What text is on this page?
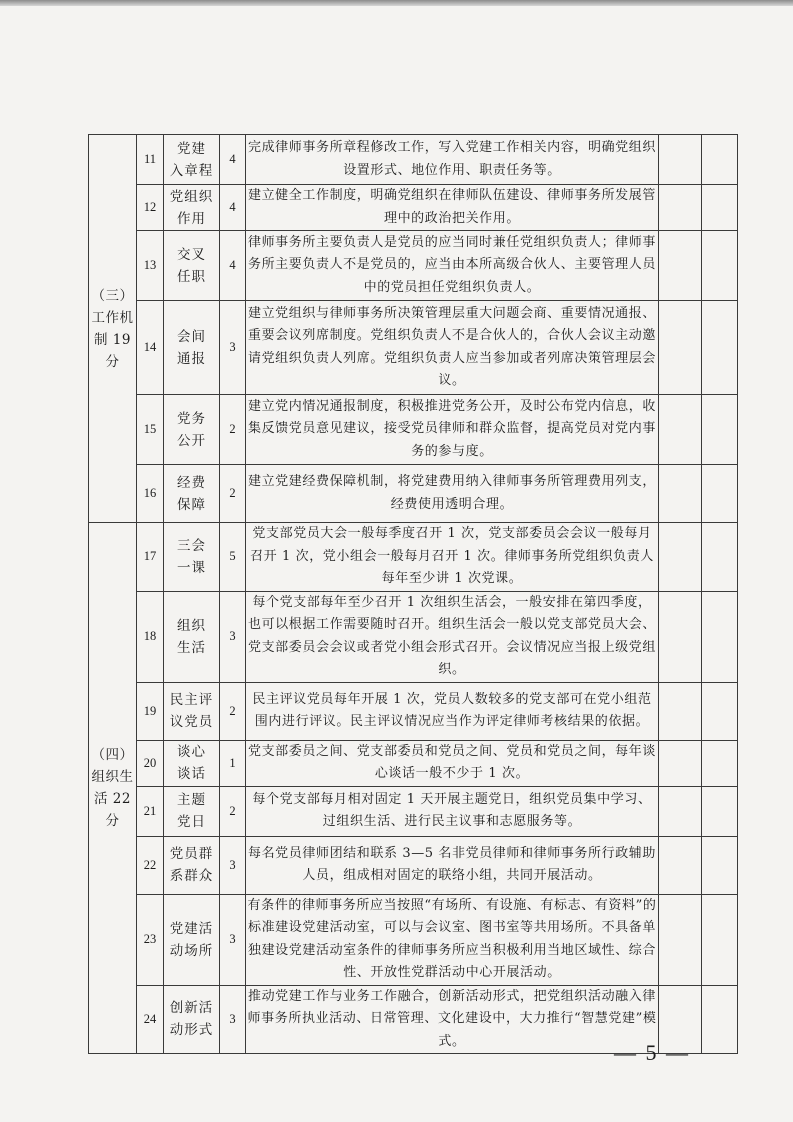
（三）
工作机
制 19
分	11	党建
入章程	4	完成律师事务所章程修改工作，写入党建工作相关内容，明确党组织设置形式、地位作用、职责任务等。		
	12	党组织
作用	4	建立健全工作制度，明确党组织在律师队伍建设、律师事务所发展管理中的政治把关作用。		
	13	交叉
任职	4	律师事务所主要负责人是党员的应当同时兼任党组织负责人；律师事务所主要负责人不是党员的，应当由本所高级合伙人、主要管理人员中的党员担任党组织负责人。		
	14	会间
通报	3	建立党组织与律师事务所决策管理层重大问题会商、重要情况通报、重要会议列席制度。党组织负责人不是合伙人的，合伙人会议主动邀请党组织负责人列席。党组织负责人应当参加或者列席决策管理层会议。		
	15	党务
公开	2	建立党内情况通报制度，积极推进党务公开，及时公布党内信息，收集反馈党员意见建议，接受党员律师和群众监督，提高党员对党内事务的参与度。		
	16	经费
保障	2	建立党建经费保障机制，将党建费用纳入律师事务所管理费用列支，经费使用透明合理。		

（四）
组织生
活 22
分	17	三会
一课	5	党支部党员大会一般每季度召开 1 次，党支部委员会会议一般每月召开 1 次，党小组会一般每月召开 1 次。律师事务所党组织负责人每年至少讲 1 次党课。		
	18	组织
生活	3	每个党支部每年至少召开 1 次组织生活会，一般安排在第四季度，也可以根据工作需要随时召开。组织生活会一般以党支部党员大会、党支部委员会会议或者党小组会形式召开。会议情况应当报上级党组织。		
	19	民主评
议党员	2	民主评议党员每年开展 1 次，党员人数较多的党支部可在党小组范围内进行评议。民主评议情况应当作为评定律师考核结果的依据。		
	20	谈心
谈话	1	党支部委员之间、党支部委员和党员之间、党员和党员之间，每年谈心谈话一般不少于 1 次。		
	21	主题
党日	2	每个党支部每月相对固定 1 天开展主题党日，组织党员集中学习、过组织生活、进行民主议事和志愿服务等。		
	22	党员群
系群众	3	每名党员律师团结和联系 3—5 名非党员律师和律师事务所行政辅助人员，组成相对固定的联络小组，共同开展活动。		
	23	党建活
动场所	3	有条件的律师事务所应当按照“有场所、有设施、有标志、有资料”的标准建设党建活动室，可以与会议室、图书室等共用场所。不具备单独建设党建活动室条件的律师事务所应当积极利用当地区域性、综合性、开放性党群活动中心开展活动。		
	24	创新活
动形式	3	推动党建工作与业务工作融合，创新活动形式，把党组织活动融入律师事务所执业活动、日常管理、文化建设中，大力推行“智慧党建”模式。			— 5 —
